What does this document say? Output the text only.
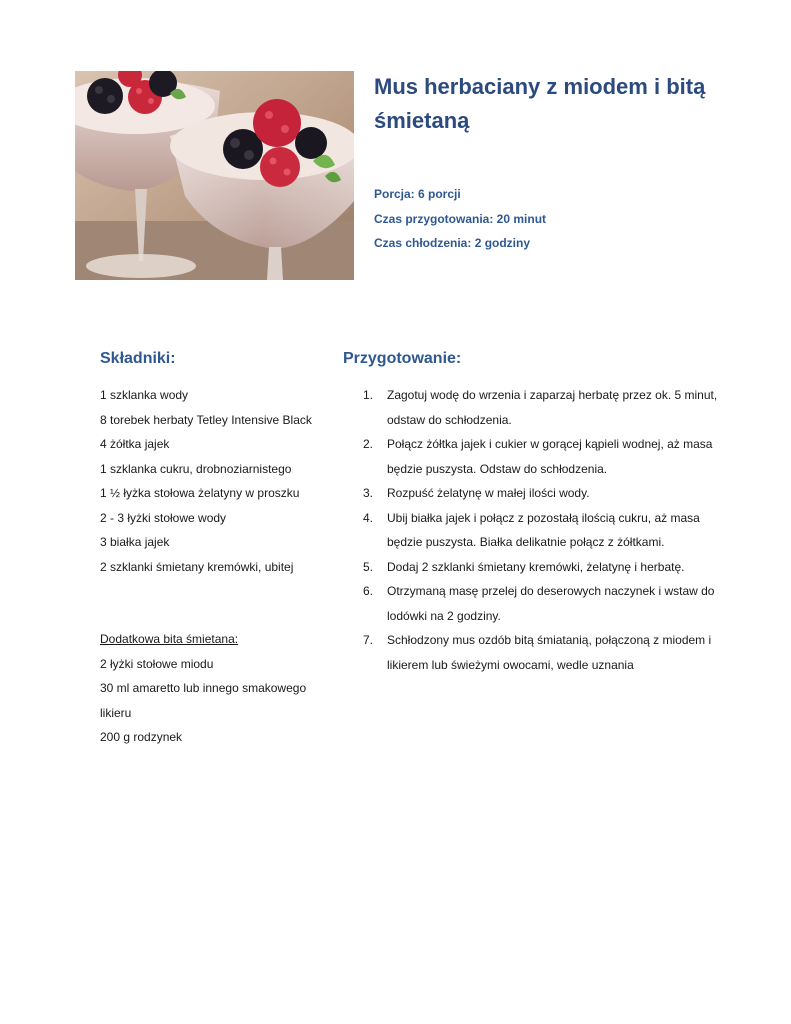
Mus herbaciany z miodem i bitą śmietaną
Porcja: 6 porcji
Czas przygotowania: 20 minut
Czas chłodzenia: 2 godziny
Składniki:
1 szklanka wody
8 torebek herbaty Tetley Intensive Black
4 żółtka jajek
1 szklanka cukru, drobnoziarnistego
1 ½ łyżka stołowa żelatyny w proszku
2 - 3 łyżki stołowe wody
3 białka jajek
2 szklanki śmietany kremówki, ubitej
Dodatkowa bita śmietana:
2 łyżki stołowe miodu
30 ml amaretto lub innego smakowego likieru
200 g rodzynek
Przygotowanie:
1. Zagotuj wodę do wrzenia i zaparzaj herbatę przez ok. 5 minut, odstaw do schłodzenia.
2. Połącz żółtka jajek i cukier w gorącej kąpieli wodnej, aż masa będzie puszysta. Odstaw do schłodzenia.
3. Rozpuść żelatynę w małej ilości wody.
4. Ubij białka jajek i połącz z pozostałą ilością cukru, aż masa będzie puszysta. Białka delikatnie połącz z żółtkami.
5. Dodaj 2 szklanki śmietany kremówki, żelatynę i herbatę.
6. Otrzymaną masę przelej do deserowych naczynek i wstaw do lodówki na 2 godziny.
7. Schłodzony mus ozdób bitą śmiatanią, połączoną z miodem i likierem lub świeżymi owocami, wedle uznania
